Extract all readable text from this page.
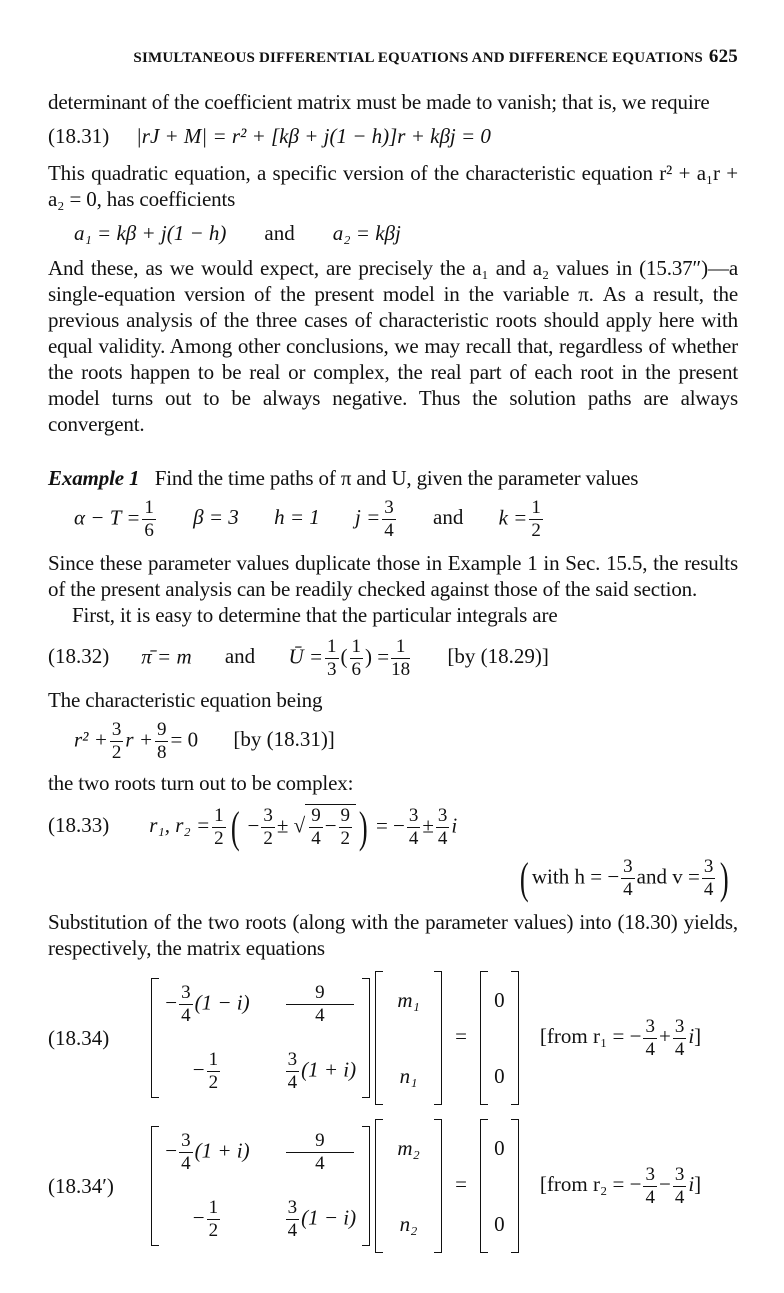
SIMULTANEOUS DIFFERENTIAL EQUATIONS AND DIFFERENCE EQUATIONS 625
determinant of the coefficient matrix must be made to vanish; that is, we require
(18.31) |rJ + M| = r² + [kβ + j(1 − h)]r + kβj = 0
This quadratic equation, a specific version of the characteristic equation r² + a₁r + a₂ = 0, has coefficients
a₁ = kβ + j(1 − h) and a₂ = kβj
And these, as we would expect, are precisely the a₁ and a₂ values in (15.37″)—a single-equation version of the present model in the variable π. As a result, the previous analysis of the three cases of characteristic roots should apply here with equal validity. Among other conclusions, we may recall that, regardless of whether the roots happen to be real or complex, the real part of each root in the present model turns out to be always negative. Thus the solution paths are always convergent.
Example 1 Find the time paths of π and U, given the parameter values
$\alpha - T = \frac{1}{6}$ β = 3 h = 1 $j = \frac{3}{4}$ and $k = \frac{1}{2}$
Since these parameter values duplicate those in Example 1 in Sec. 15.5, the results of the present analysis can be readily checked against those of the said section.
First, it is easy to determine that the particular integrals are
(18.32) π̄ = m and Ū = $\frac{1}{3}$ ( $\frac{1}{6}$ ) = $\frac{1}{18} [by$ (18.29)]
The characteristic equation being
$r^2 + \frac{3}{2}$ $r + \frac{9}{8} = 0$ [by (18.31)]
the two roots turn out to be complex:
(18.33) r₁, $r_2 = \frac{1}{2}$ ( − $\frac{3}{2}$ ± √ $\frac{9}{4} - \frac{9}{2}$ ) = − $\frac{3}{4} \pm \frac{3}{4}$ i
( with h = − $\frac{3}{4}$ and $v = \frac{3}{4}$ )
Substitution of the two roots (along with the parameter values) into (18.30) yields, respectively, the matrix equations
(18.34)
− $\frac{3}{4} (1 - i) \frac{9}{4}$
− $\frac{1}{2}$	$\frac{3}{4} (1 + i)$

m₁
n₁
=
0
0
[from r₁ = − $\frac{3}{4} + \frac{3}{4} i$]
(18.34′)
− $\frac{3}{4} (1 + i) \frac{9}{4}$
− $\frac{1}{2}$	$\frac{3}{4} (1 - i)$

m₂
n₂
=
0
0
[from r₂ = − $\frac{3}{4} - \frac{3}{4} i$]
